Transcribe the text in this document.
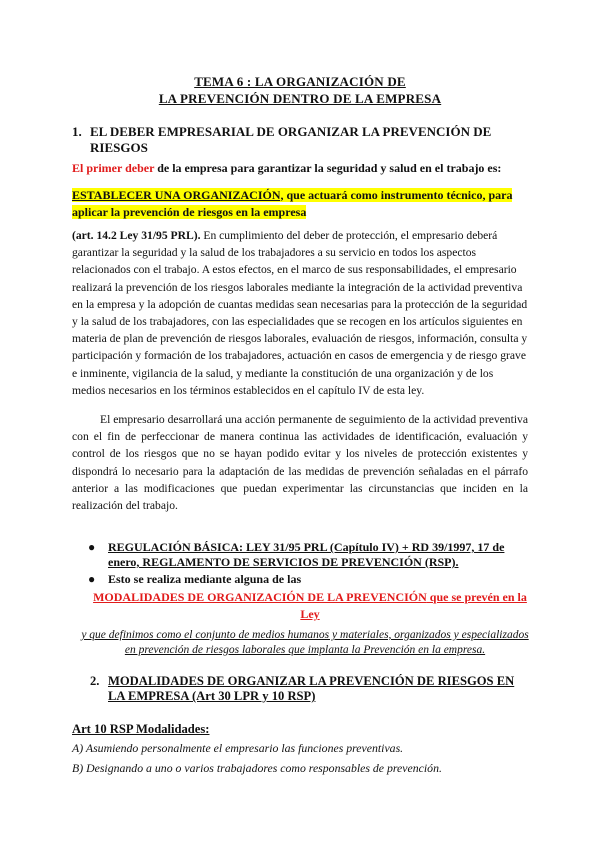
TEMA 6 : LA ORGANIZACIÓN DE
LA PREVENCIÓN DENTRO DE LA EMPRESA
1. EL DEBER EMPRESARIAL DE ORGANIZAR LA PREVENCIÓN DE RIESGOS
El primer deber de la empresa para garantizar la seguridad y salud en el trabajo es:
ESTABLECER UNA ORGANIZACIÓN, que actuará como instrumento técnico, para aplicar la prevención de riesgos en la empresa
(art. 14.2 Ley 31/95 PRL). En cumplimiento del deber de protección, el empresario deberá garantizar la seguridad y la salud de los trabajadores a su servicio en todos los aspectos relacionados con el trabajo. A estos efectos, en el marco de sus responsabilidades, el empresario realizará la prevención de los riesgos laborales mediante la integración de la actividad preventiva en la empresa y la adopción de cuantas medidas sean necesarias para la protección de la seguridad y la salud de los trabajadores, con las especialidades que se recogen en los artículos siguientes en materia de plan de prevención de riesgos laborales, evaluación de riesgos, información, consulta y participación y formación de los trabajadores, actuación en casos de emergencia y de riesgo grave e inminente, vigilancia de la salud, y mediante la constitución de una organización y de los medios necesarios en los términos establecidos en el capítulo IV de esta ley.
El empresario desarrollará una acción permanente de seguimiento de la actividad preventiva con el fin de perfeccionar de manera continua las actividades de identificación, evaluación y control de los riesgos que no se hayan podido evitar y los niveles de protección existentes y dispondrá lo necesario para la adaptación de las medidas de prevención señaladas en el párrafo anterior a las modificaciones que puedan experimentar las circunstancias que inciden en la realización del trabajo.
● REGULACIÓN BÁSICA: LEY 31/95 PRL (Capítulo IV) + RD 39/1997, 17 de enero, REGLAMENTO DE SERVICIOS DE PREVENCIÓN (RSP).
● Esto se realiza mediante alguna de las
MODALIDADES DE ORGANIZACIÓN DE LA PREVENCIÓN que se prevén en la Ley
y que definimos como el conjunto de medios humanos y materiales, organizados y especializados en prevención de riesgos laborales que implanta la Prevención en la empresa.
2. MODALIDADES DE ORGANIZAR LA PREVENCIÓN DE RIESGOS EN LA EMPRESA (Art 30 LPR y 10 RSP)
Art 10 RSP Modalidades:
A) Asumiendo personalmente el empresario las funciones preventivas.
B) Designando a uno o varios trabajadores como responsables de prevención.
